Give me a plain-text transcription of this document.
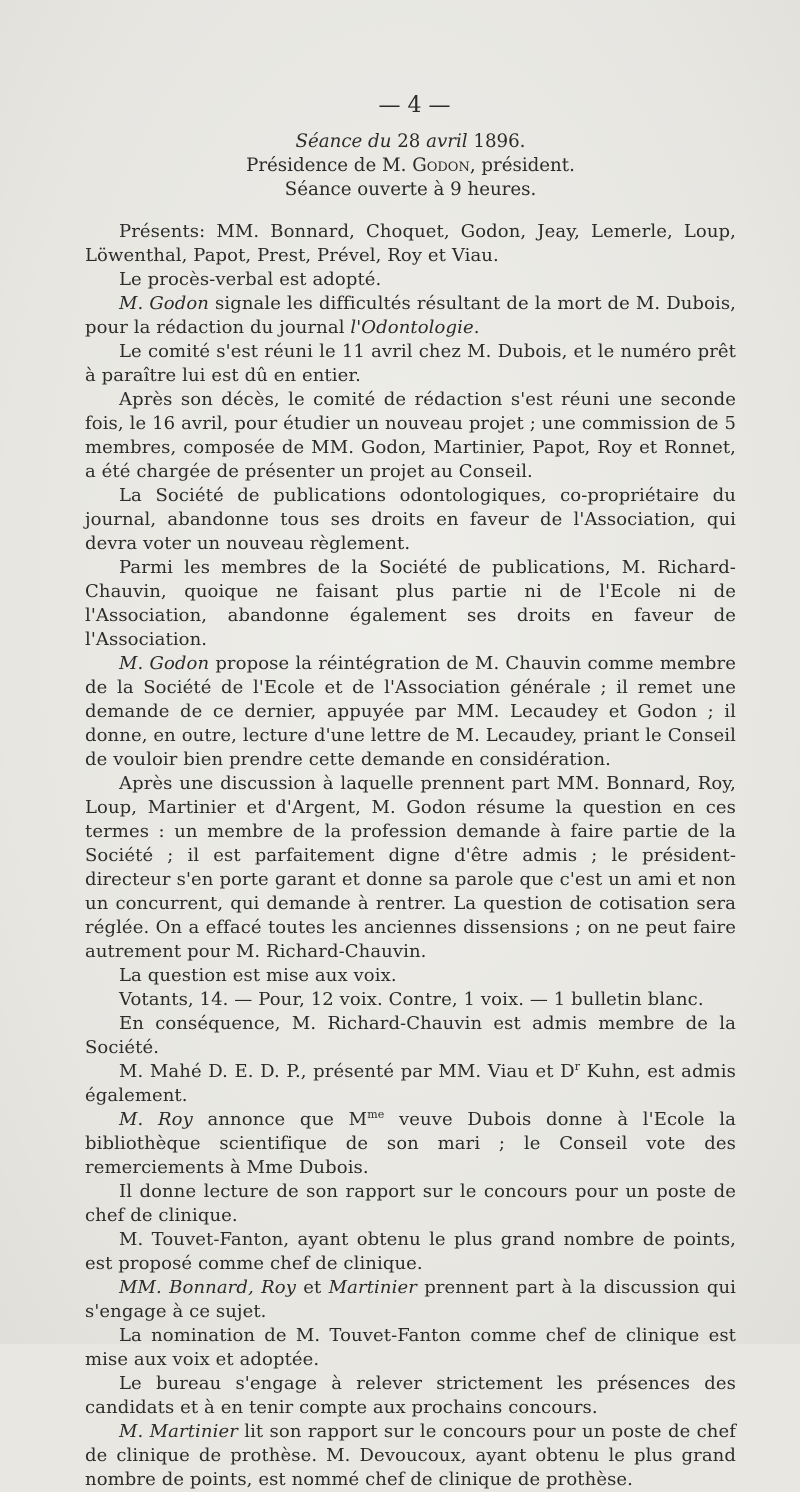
— 4 —

Séance du 28 avril 1896.

Présidence de M. Godon, président.

Séance ouverte à 9 heures.

Présents: MM. Bonnard, Choquet, Godon, Jeay, Lemerle, Loup, Löwenthal, Papot, Prest, Prével, Roy et Viau.

Le procès-verbal est adopté.

M. Godon signale les difficultés résultant de la mort de M. Dubois, pour la rédaction du journal l'Odontologie.

Le comité s'est réuni le 11 avril chez M. Dubois, et le numéro prêt à paraître lui est dû en entier.

Après son décès, le comité de rédaction s'est réuni une seconde fois, le 16 avril, pour étudier un nouveau projet ; une commission de 5 membres, composée de MM. Godon, Martinier, Papot, Roy et Ronnet, a été chargée de présenter un projet au Conseil.

La Société de publications odontologiques, co-propriétaire du journal, abandonne tous ses droits en faveur de l'Association, qui devra voter un nouveau règlement.

Parmi les membres de la Société de publications, M. Richard-Chauvin, quoique ne faisant plus partie ni de l'Ecole ni de l'Association, abandonne également ses droits en faveur de l'Association.

M. Godon propose la réintégration de M. Chauvin comme membre de la Société de l'Ecole et de l'Association générale ; il remet une demande de ce dernier, appuyée par MM. Lecaudey et Godon ; il donne, en outre, lecture d'une lettre de M. Lecaudey, priant le Conseil de vouloir bien prendre cette demande en considération.

Après une discussion à laquelle prennent part MM. Bonnard, Roy, Loup, Martinier et d'Argent, M. Godon résume la question en ces termes : un membre de la profession demande à faire partie de la Société ; il est parfaitement digne d'être admis ; le président-directeur s'en porte garant et donne sa parole que c'est un ami et non un concurrent, qui demande à rentrer. La question de cotisation sera réglée. On a effacé toutes les anciennes dissensions ; on ne peut faire autrement pour M. Richard-Chauvin.

La question est mise aux voix.

Votants, 14. — Pour, 12 voix. Contre, 1 voix. — 1 bulletin blanc.

En conséquence, M. Richard-Chauvin est admis membre de la Société.

M. Mahé D. E. D. P., présenté par MM. Viau et $D^r$ Kuhn, est admis également.

M. Roy annonce que $M^{me}$ veuve Dubois donne à l'Ecole la bibliothèque scientifique de son mari ; le Conseil vote des remerciements à Mme Dubois.

Il donne lecture de son rapport sur le concours pour un poste de chef de clinique.

M. Touvet-Fanton, ayant obtenu le plus grand nombre de points, est proposé comme chef de clinique.

MM. Bonnard, Roy et Martinier prennent part à la discussion qui s'engage à ce sujet.

La nomination de M. Touvet-Fanton comme chef de clinique est mise aux voix et adoptée.

Le bureau s'engage à relever strictement les présences des candidats et à en tenir compte aux prochains concours.

M. Martinier lit son rapport sur le concours pour un poste de chef de clinique de prothèse. M. Devoucoux, ayant obtenu le plus grand nombre de points, est nommé chef de clinique de prothèse.
